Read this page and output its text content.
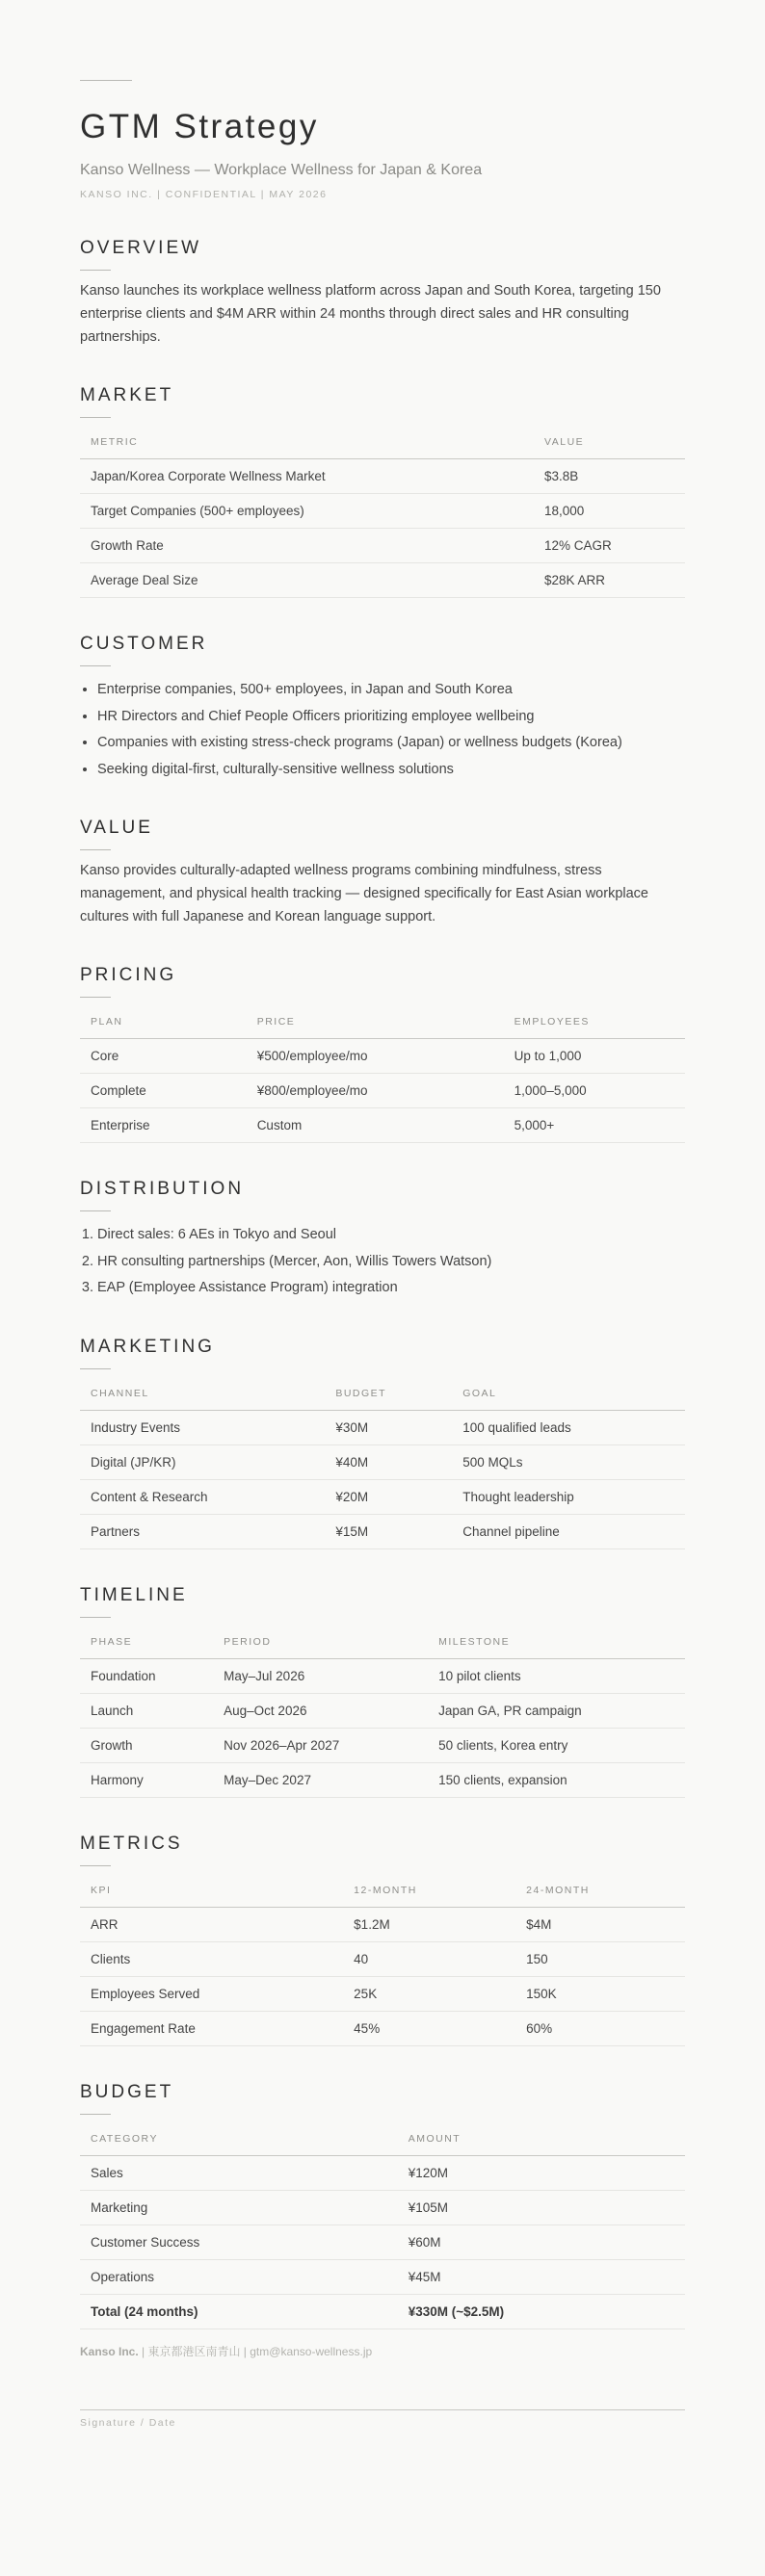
GTM Strategy
Kanso Wellness — Workplace Wellness for Japan & Korea
KANSO INC. | CONFIDENTIAL | MAY 2026
OVERVIEW

Kanso launches its workplace wellness platform across Japan and South Korea, targeting 150 enterprise clients and $4M ARR within 24 months through direct sales and HR consulting partnerships.

MARKET
METRIC	VALUE
Japan/Korea Corporate Wellness Market	$3.8B
Target Companies (500+ employees)	18,000
Growth Rate	12% CAGR
Average Deal Size	$28K ARR
CUSTOMER
• Enterprise companies, 500+ employees, in Japan and South Korea
• HR Directors and Chief People Officers prioritizing employee wellbeing
• Companies with existing stress-check programs (Japan) or wellness budgets (Korea)
• Seeking digital-first, culturally-sensitive wellness solutions
VALUE

Kanso provides culturally-adapted wellness programs combining mindfulness, stress management, and physical health tracking — designed specifically for East Asian workplace cultures with full Japanese and Korean language support.

PRICING
PLAN	PRICE	EMPLOYEES
Core	¥500/employee/mo	Up to 1,000
Complete	¥800/employee/mo	1,000–5,000
Enterprise	Custom	5,000+
DISTRIBUTION
1. Direct sales: 6 AEs in Tokyo and Seoul
2. HR consulting partnerships (Mercer, Aon, Willis Towers Watson)
3. EAP (Employee Assistance Program) integration
MARKETING
CHANNEL	BUDGET	GOAL
Industry Events	¥30M	100 qualified leads
Digital (JP/KR)	¥40M	500 MQLs
Content & Research	¥20M	Thought leadership
Partners	¥15M	Channel pipeline
TIMELINE
PHASE	PERIOD	MILESTONE
Foundation	May–Jul 2026	10 pilot clients
Launch	Aug–Oct 2026	Japan GA, PR campaign
Growth	Nov 2026–Apr 2027	50 clients, Korea entry
Harmony	May–Dec 2027	150 clients, expansion
METRICS
KPI	12-MONTH	24-MONTH
ARR	$1.2M	$4M
Clients	40	150
Employees Served	25K	150K
Engagement Rate	45%	60%
BUDGET
CATEGORY	AMOUNT
Sales	¥120M
Marketing	¥105M
Customer Success	¥60M
Operations	¥45M
Total (24 months)	¥330M (~$2.5M)
Kanso Inc. | 東京都港区南青山 | gtm@kanso-wellness.jp
Signature / Date
